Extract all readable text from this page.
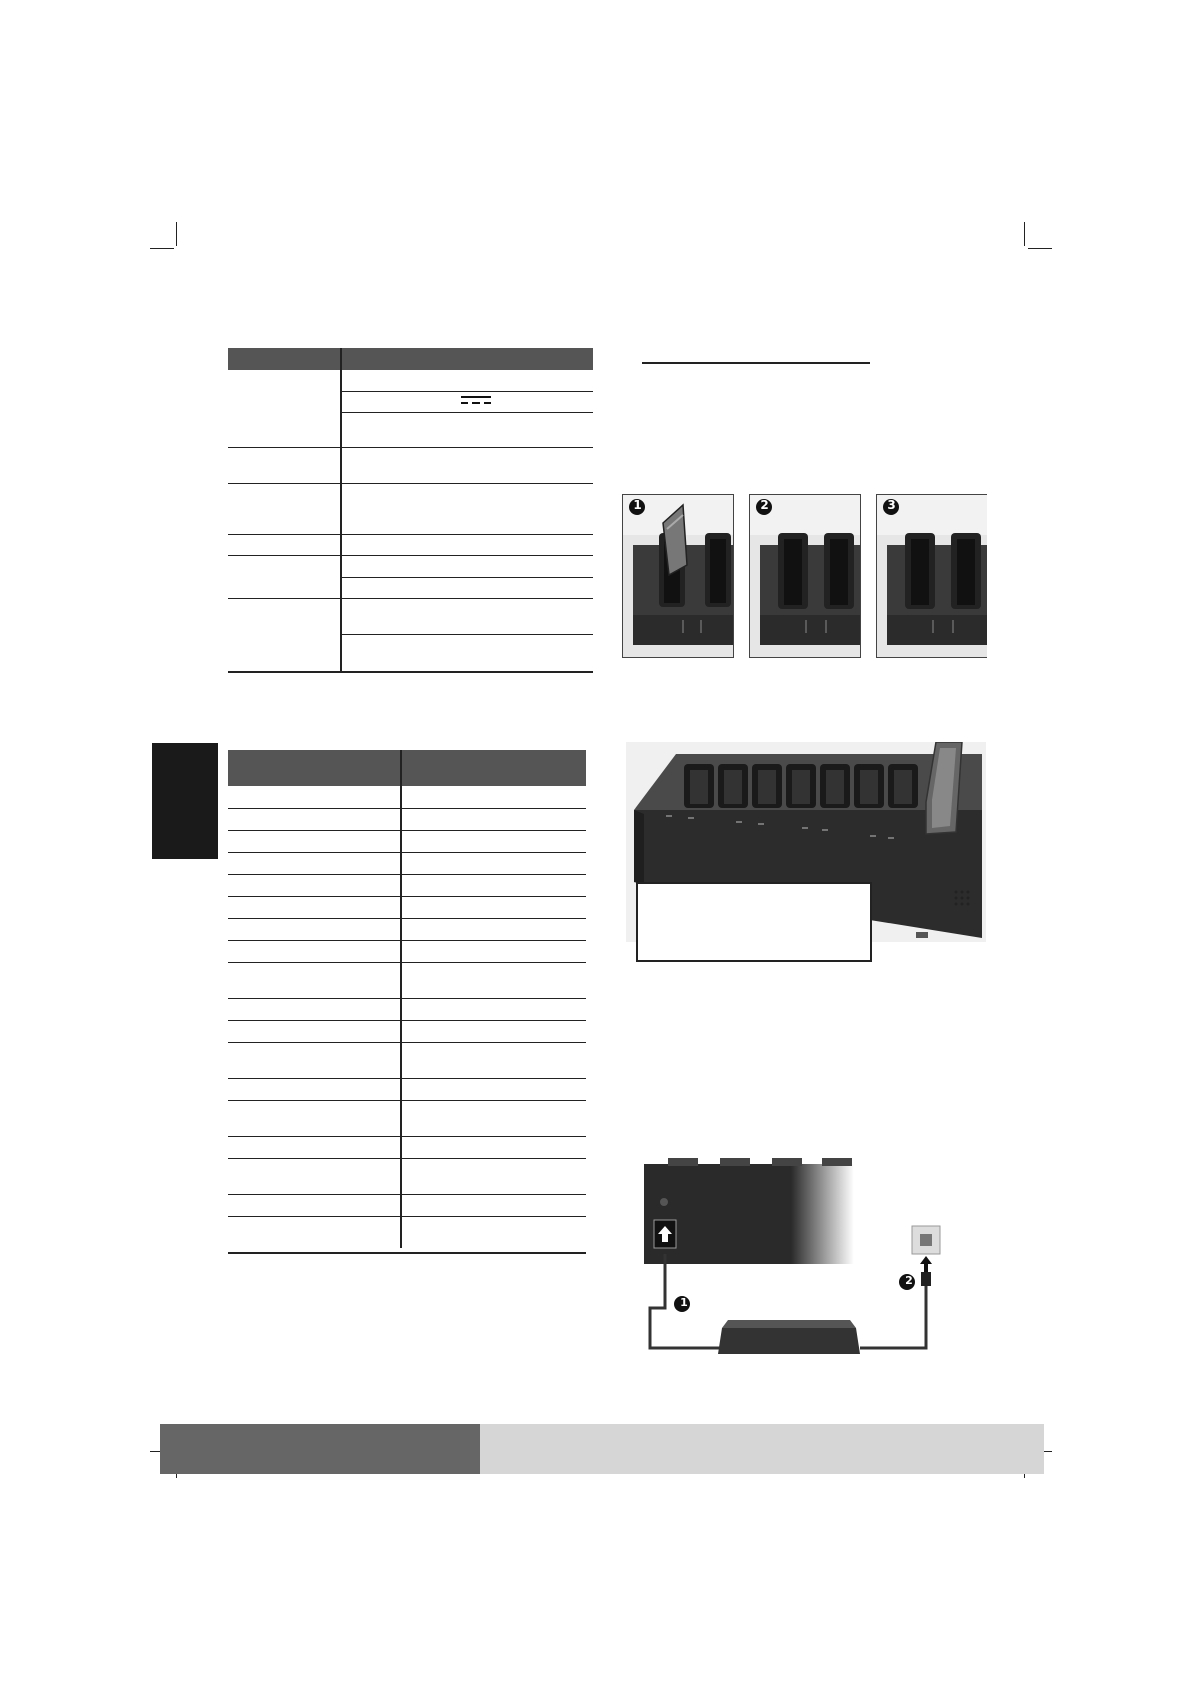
1	2	3
1
2
